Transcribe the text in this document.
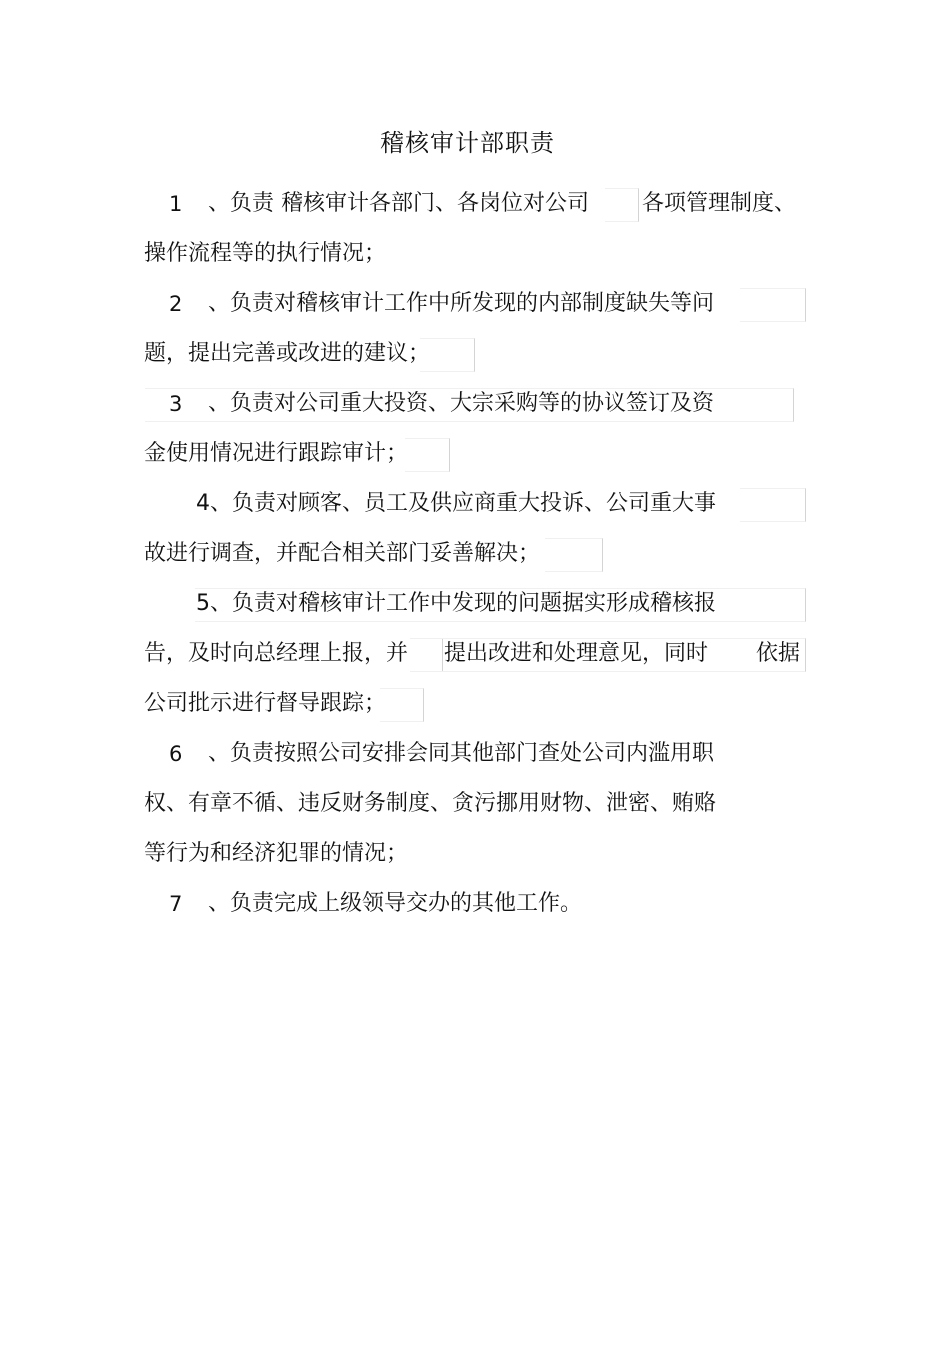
稽核审计部职责
1 、负责 稽核审计各部门、各岗位对公司 各项管理制度、
操作流程等的执行情况；
2 、负责对稽核审计工作中所发现的内部制度缺失等问
题，提出完善或改进的建议；
3 、负责对公司重大投资、大宗采购等的协议签订及资
金使用情况进行跟踪审计；
4、负责对顾客、员工及供应商重大投诉、公司重大事
故进行调查，并配合相关部门妥善解决；
5、负责对稽核审计工作中发现的问题据实形成稽核报
告，及时向总经理上报，并 提出改进和处理意见，同时 依据
公司批示进行督导跟踪；
6 、负责按照公司安排会同其他部门查处公司内滥用职
权、有章不循、违反财务制度、贪污挪用财物、泄密、贿赂
等行为和经济犯罪的情况；
7 、负责完成上级领导交办的其他工作。
